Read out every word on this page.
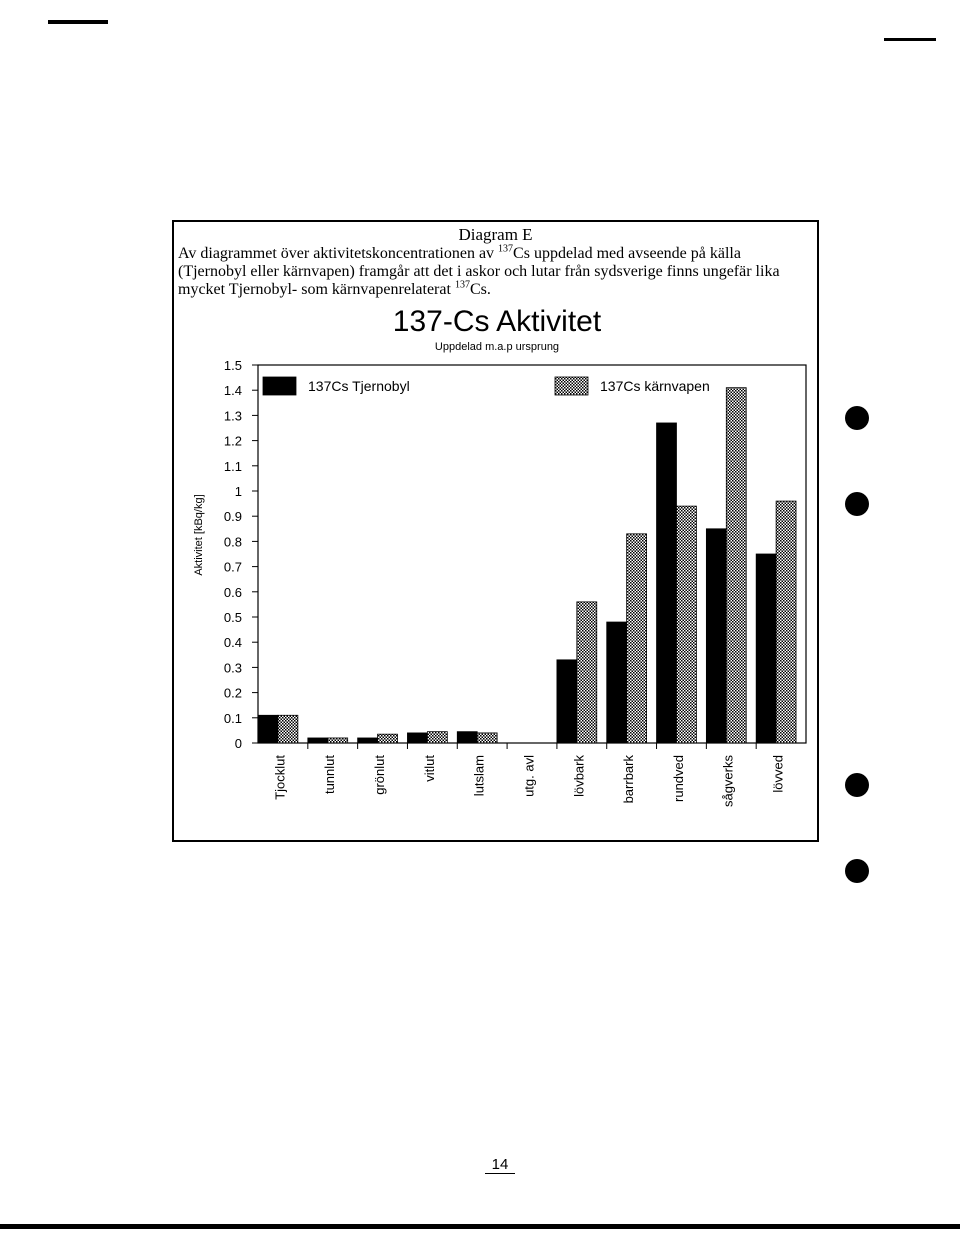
Diagram E
Av diagrammet över aktivitetskoncentrationen av $^{137}$Cs uppdelad med avseende på källa
(Tjernobyl eller kärnvapen) framgår att det i askor och lutar från sydsverige finns ungefär lika
mycket Tjernobyl- som kärnvapenrelaterat $^{137}$Cs.
137-Cs Aktivitet
Uppdelad m.a.p ursprung
Aktivitet [kBq/kg]
0
0.1
0.2
0.3
0.4
0.5
0.6
0.7
0.8
0.9
1
1.1
1.2
1.3
1.4
1.5
Tjocklut	tunnlut	grönlut	vitlut	lutslam	utg. avl	lövbark	barrbark	rundved	sågverks	lövved
137Cs Tjernobyl	137Cs kärnvapen
14
